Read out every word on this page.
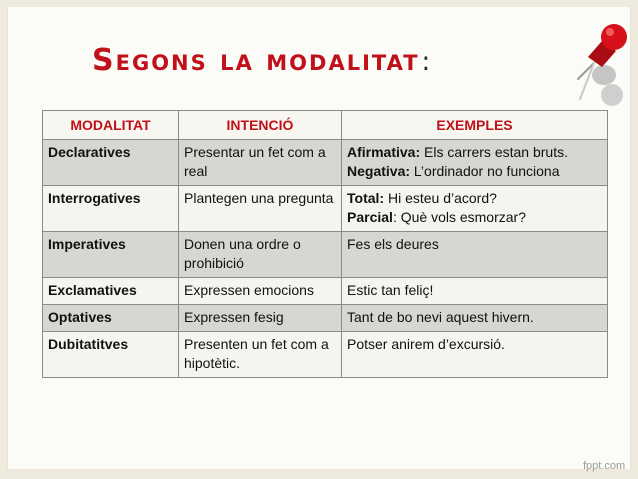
Segons la modalitat:
fppt.com
MODALITAT	INTENCIÓ	EXEMPLES
Declaratives	Presentar un fet com a real	Afirmativa: Els carrers estan bruts.
Negativa: L’ordinador no funciona
Interrogatives	Plantegen una pregunta	Total: Hi esteu d’acord?
Parcial: Què vols esmorzar?
Imperatives	Donen una ordre o prohibició	Fes els deures
Exclamatives	Expressen emocions	Estic tan feliç!
Optatives	Expressen fesig	Tant de bo nevi aquest hivern.
Dubitatitves	Presenten un fet com a hipotètic.	Potser anirem d’excursió.
